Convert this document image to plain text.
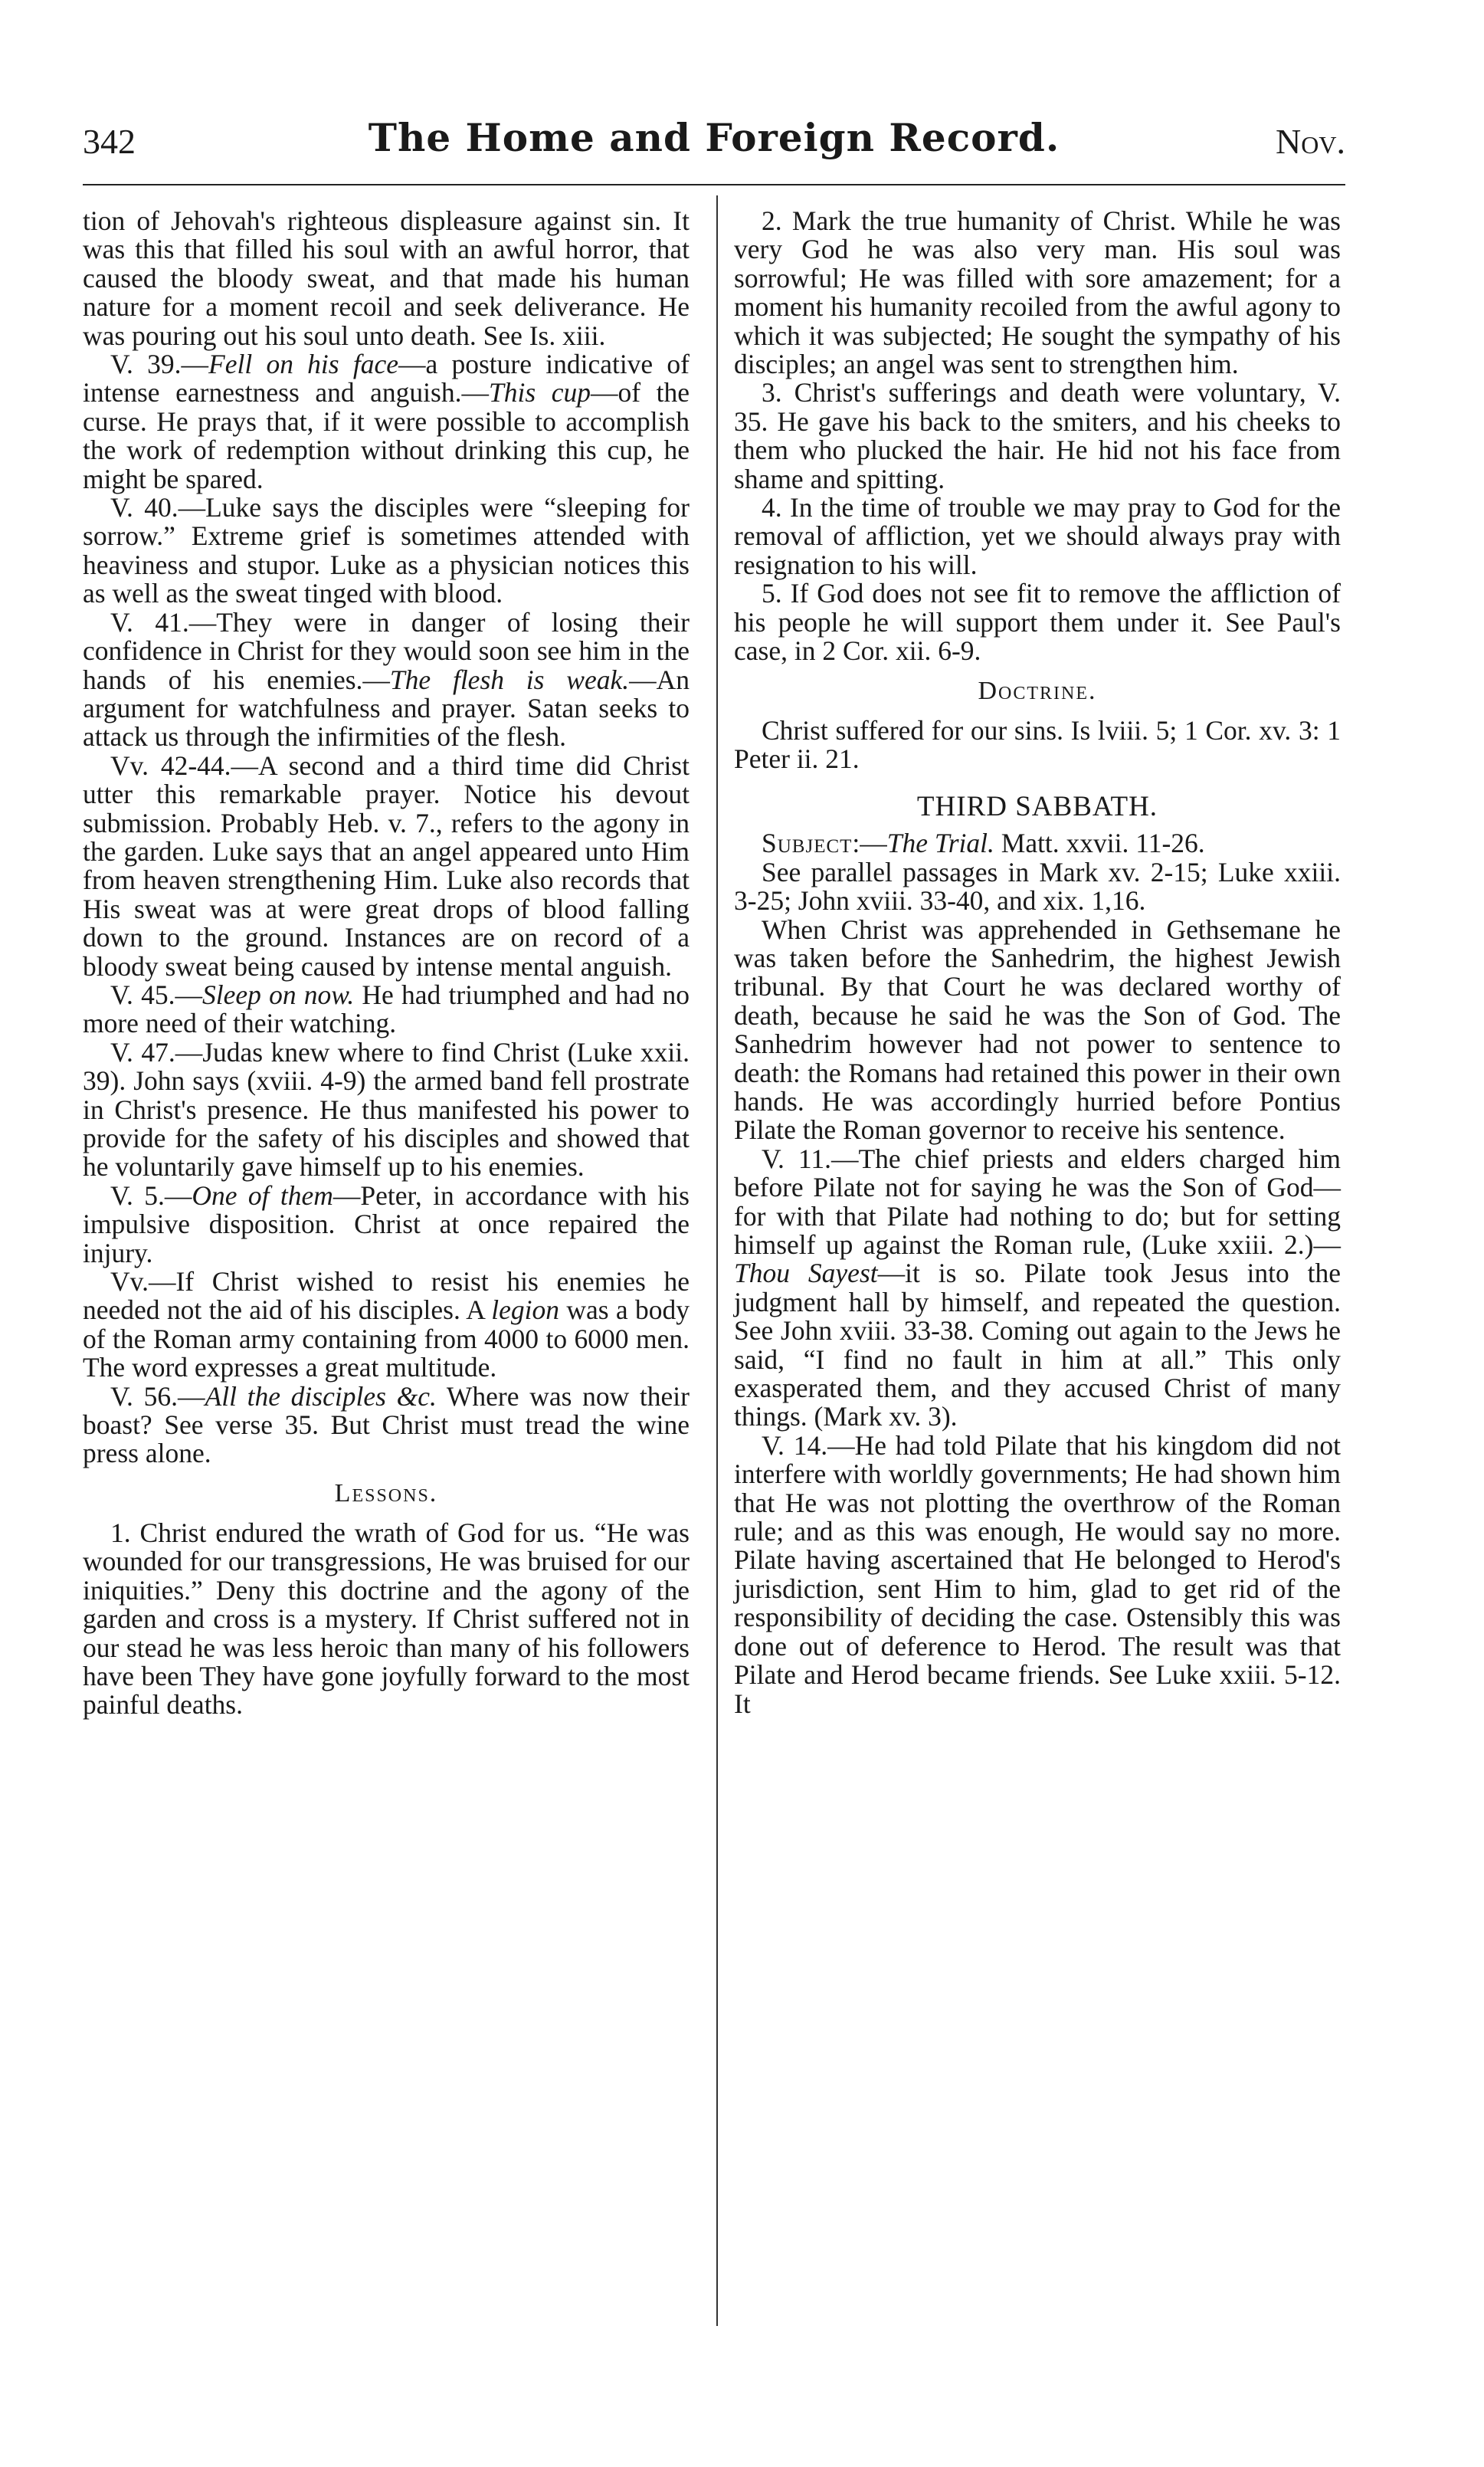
342	The Home and Foreign Record.	Nov.

tion of Jehovah's righteous displeasure against sin. It was this that filled his soul with an awful horror, that caused the bloody sweat, and that made his human nature for a moment recoil and seek deliverance. He was pouring out his soul unto death. See Is. xiii.

V. 39.—Fell on his face—a posture indicative of intense earnestness and anguish.—This cup—of the curse. He prays that, if it were possible to accomplish the work of redemption without drinking this cup, he might be spared.

V. 40.—Luke says the disciples were “sleeping for sorrow.” Extreme grief is sometimes attended with heaviness and stupor. Luke as a physician notices this as well as the sweat tinged with blood.

V. 41.—They were in danger of losing their confidence in Christ for they would soon see him in the hands of his enemies.—The flesh is weak.—An argument for watchfulness and prayer. Satan seeks to attack us through the infirmities of the flesh.

Vv. 42-44.—A second and a third time did Christ utter this remarkable prayer. Notice his devout submission. Probably Heb. v. 7., refers to the agony in the garden. Luke says that an angel appeared unto Him from heaven strengthening Him. Luke also records that His sweat was at were great drops of blood falling down to the ground. Instances are on record of a bloody sweat being caused by intense mental anguish.

V. 45.—Sleep on now. He had triumphed and had no more need of their watching.

V. 47.—Judas knew where to find Christ (Luke xxii. 39). John says (xviii. 4-9) the armed band fell prostrate in Christ's presence. He thus manifested his power to provide for the safety of his disciples and showed that he voluntarily gave himself up to his enemies.

V. 5.—One of them—Peter, in accordance with his impulsive disposition. Christ at once repaired the injury.

Vv.—If Christ wished to resist his enemies he needed not the aid of his disciples. A legion was a body of the Roman army containing from 4000 to 6000 men. The word expresses a great multitude.

V. 56.—All the disciples &c. Where was now their boast? See verse 35. But Christ must tread the wine press alone.

Lessons.

1. Christ endured the wrath of God for us. “He was wounded for our transgressions, He was bruised for our iniquities.” Deny this doctrine and the agony of the garden and cross is a mystery. If Christ suffered not in our stead he was less heroic than many of his followers have been They have gone joyfully forward to the most painful deaths.

2. Mark the true humanity of Christ. While he was very God he was also very man. His soul was sorrowful; He was filled with sore amazement; for a moment his humanity recoiled from the awful agony to which it was subjected; He sought the sympathy of his disciples; an angel was sent to strengthen him.

3. Christ's sufferings and death were voluntary, V. 35. He gave his back to the smiters, and his cheeks to them who plucked the hair. He hid not his face from shame and spitting.

4. In the time of trouble we may pray to God for the removal of affliction, yet we should always pray with resignation to his will.

5. If God does not see fit to remove the affliction of his people he will support them under it. See Paul's case, in 2 Cor. xii. 6-9.

Doctrine.

Christ suffered for our sins. Is lviii. 5; 1 Cor. xv. 3: 1 Peter ii. 21.

THIRD SABBATH.

Subject:—The Trial. Matt. xxvii. 11-26.

See parallel passages in Mark xv. 2-15; Luke xxiii. 3-25; John xviii. 33-40, and xix. 1,16.

When Christ was apprehended in Gethsemane he was taken before the Sanhedrim, the highest Jewish tribunal. By that Court he was declared worthy of death, because he said he was the Son of God. The Sanhedrim however had not power to sentence to death: the Romans had retained this power in their own hands. He was accordingly hurried before Pontius Pilate the Roman governor to receive his sentence.

V. 11.—The chief priests and elders charged him before Pilate not for saying he was the Son of God—for with that Pilate had nothing to do; but for setting himself up against the Roman rule, (Luke xxiii. 2.)—Thou Sayest—it is so. Pilate took Jesus into the judgment hall by himself, and repeated the question. See John xviii. 33-38. Coming out again to the Jews he said, “I find no fault in him at all.” This only exasperated them, and they accused Christ of many things. (Mark xv. 3).

V. 14.—He had told Pilate that his kingdom did not interfere with worldly governments; He had shown him that He was not plotting the overthrow of the Roman rule; and as this was enough, He would say no more. Pilate having ascertained that He belonged to Herod's jurisdiction, sent Him to him, glad to get rid of the responsibility of deciding the case. Ostensibly this was done out of deference to Herod. The result was that Pilate and Herod became friends. See Luke xxiii. 5-12. It
